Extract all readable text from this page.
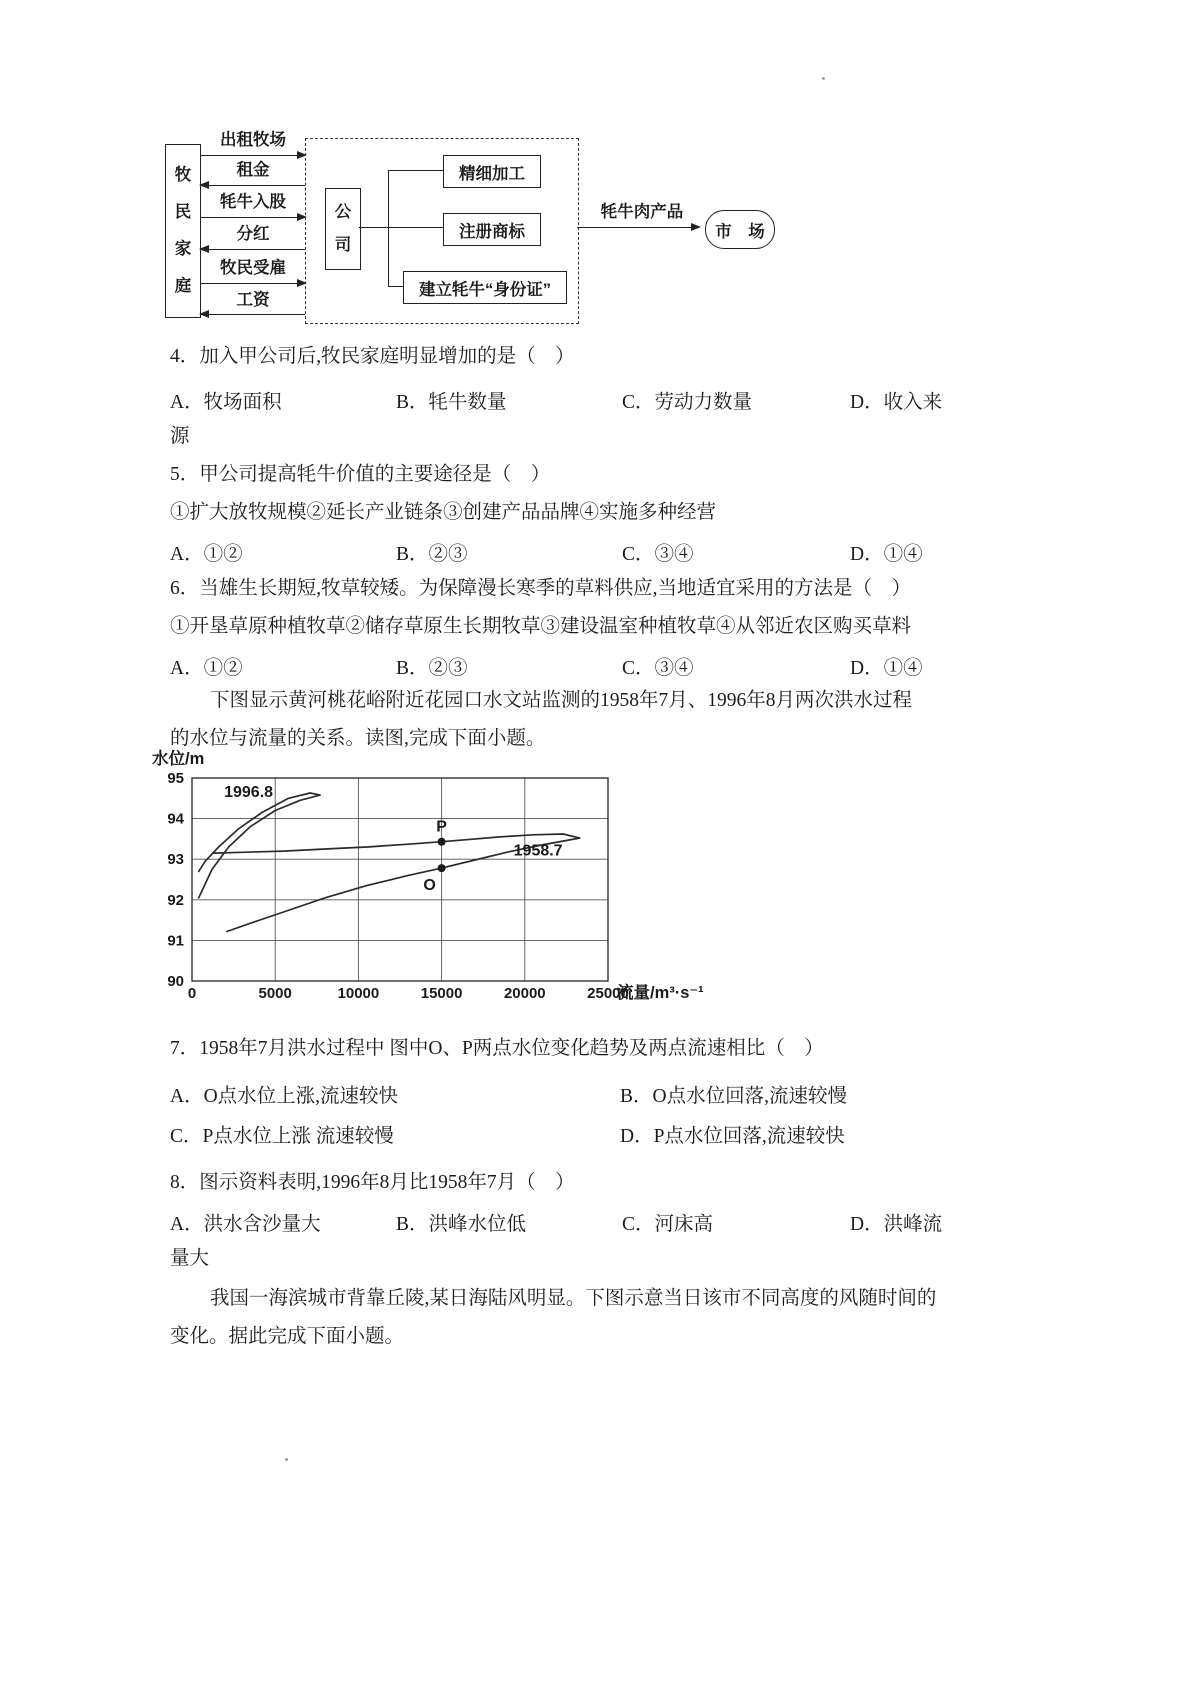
牧民家庭
出租牧场
租金
牦牛入股
分红
牧民受雇
工资
公司
精细加工
注册商标
建立牦牛“身份证”
牦牛肉产品
市　场
4．加入甲公司后,牧民家庭明显增加的是（　）
A．牧场面积	B．牦牛数量	C．劳动力数量	D．收入来
源
5．甲公司提高牦牛价值的主要途径是（　）
①扩大放牧规模②延长产业链条③创建产品品牌④实施多种经营
A．①②	B．②③	C．③④	D．①④
6．当雄生长期短,牧草较矮。为保障漫长寒季的草料供应,当地适宜采用的方法是（　）
①开垦草原种植牧草②储存草原生长期牧草③建设温室种植牧草④从邻近农区购买草料
A．①②	B．②③	C．③④	D．①④
下图显示黄河桃花峪附近花园口水文站监测的1958年7月、1996年8月两次洪水过程
的水位与流量的关系。读图,完成下面小题。
0	5000	10000	15000	20000	25000
90
91
92
93
94
95
1996.8
1958.7
P
O
水位/m
流量/m³·s⁻¹
7．1958年7月洪水过程中 图中O、P两点水位变化趋势及两点流速相比（　）
A．O点水位上涨,流速较快	B．O点水位回落,流速较慢
C．P点水位上涨 流速较慢	D．P点水位回落,流速较快
8．图示资料表明,1996年8月比1958年7月（　）
A．洪水含沙量大	B．洪峰水位低	C．河床高	D．洪峰流
量大
我国一海滨城市背靠丘陵,某日海陆风明显。下图示意当日该市不同高度的风随时间的
变化。据此完成下面小题。
